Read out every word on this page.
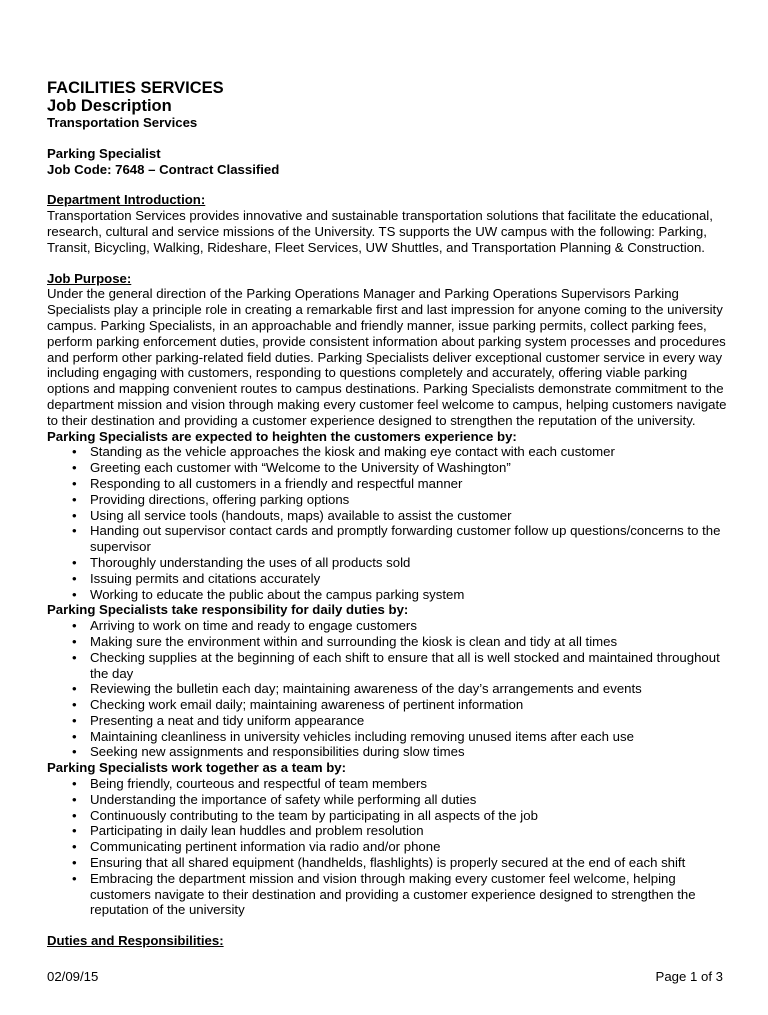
FACILITIES SERVICES
Job Description
Transportation Services
Parking Specialist
Job Code: 7648 – Contract Classified
Department Introduction:
Transportation Services provides innovative and sustainable transportation solutions that facilitate the educational, research, cultural and service missions of the University. TS supports the UW campus with the following: Parking, Transit, Bicycling, Walking, Rideshare, Fleet Services, UW Shuttles, and Transportation Planning & Construction.
Job Purpose:
Under the general direction of the Parking Operations Manager and Parking Operations Supervisors Parking Specialists play a principle role in creating a remarkable first and last impression for anyone coming to the university campus. Parking Specialists, in an approachable and friendly manner, issue parking permits, collect parking fees, perform parking enforcement duties, provide consistent information about parking system processes and procedures and perform other parking-related field duties. Parking Specialists deliver exceptional customer service in every way including engaging with customers, responding to questions completely and accurately, offering viable parking options and mapping convenient routes to campus destinations. Parking Specialists demonstrate commitment to the department mission and vision through making every customer feel welcome to campus, helping customers navigate to their destination and providing a customer experience designed to strengthen the reputation of the university.
Parking Specialists are expected to heighten the customers experience by:
• Standing as the vehicle approaches the kiosk and making eye contact with each customer
• Greeting each customer with “Welcome to the University of Washington”
• Responding to all customers in a friendly and respectful manner
• Providing directions, offering parking options
• Using all service tools (handouts, maps) available to assist the customer
• Handing out supervisor contact cards and promptly forwarding customer follow up questions/concerns to the supervisor
• Thoroughly understanding the uses of all products sold
• Issuing permits and citations accurately
• Working to educate the public about the campus parking system
Parking Specialists take responsibility for daily duties by:
• Arriving to work on time and ready to engage customers
• Making sure the environment within and surrounding the kiosk is clean and tidy at all times
• Checking supplies at the beginning of each shift to ensure that all is well stocked and maintained throughout the day
• Reviewing the bulletin each day; maintaining awareness of the day’s arrangements and events
• Checking work email daily; maintaining awareness of pertinent information
• Presenting a neat and tidy uniform appearance
• Maintaining cleanliness in university vehicles including removing unused items after each use
• Seeking new assignments and responsibilities during slow times
Parking Specialists work together as a team by:
• Being friendly, courteous and respectful of team members
• Understanding the importance of safety while performing all duties
• Continuously contributing to the team by participating in all aspects of the job
• Participating in daily lean huddles and problem resolution
• Communicating pertinent information via radio and/or phone
• Ensuring that all shared equipment (handhelds, flashlights) is properly secured at the end of each shift
• Embracing the department mission and vision through making every customer feel welcome, helping customers navigate to their destination and providing a customer experience designed to strengthen the reputation of the university
Duties and Responsibilities:
02/09/15	Page 1 of 3
